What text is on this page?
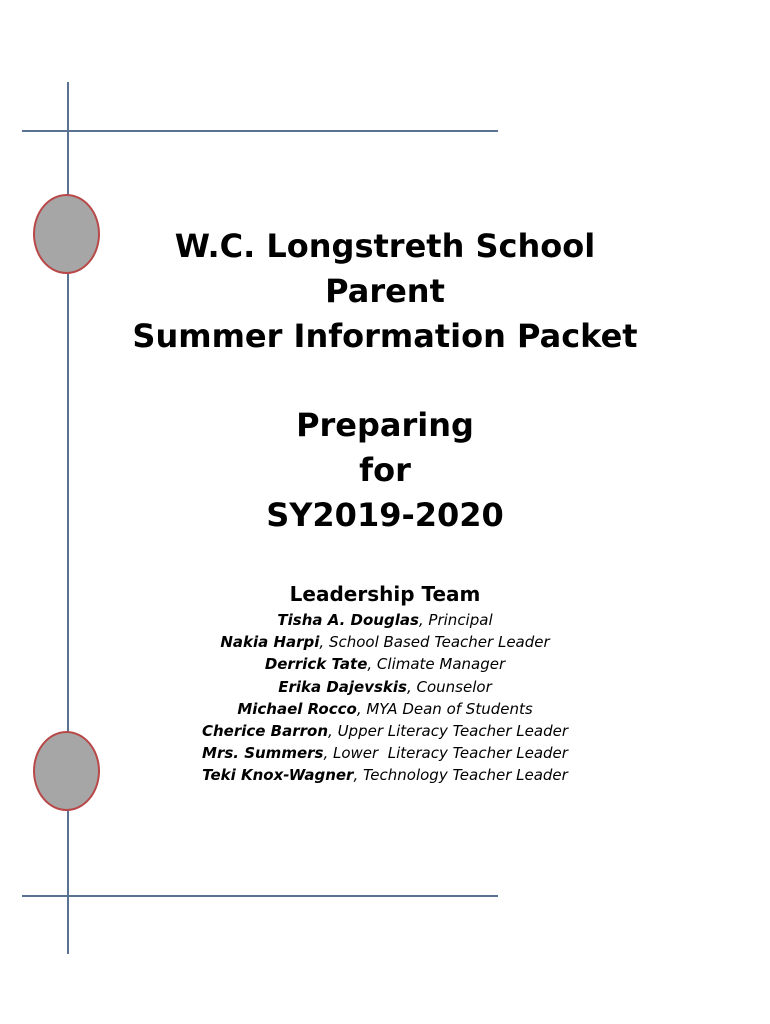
W.C. Longstreth School
Parent
Summer Information Packet
Preparing
for
SY2019-2020
Leadership Team
Tisha A. Douglas, Principal
Nakia Harpi, School Based Teacher Leader
Derrick Tate, Climate Manager
Erika Dajevskis, Counselor
Michael Rocco, MYA Dean of Students
Cherice Barron, Upper Literacy Teacher Leader
Mrs. Summers, Lower  Literacy Teacher Leader
Teki Knox-Wagner, Technology Teacher Leader
